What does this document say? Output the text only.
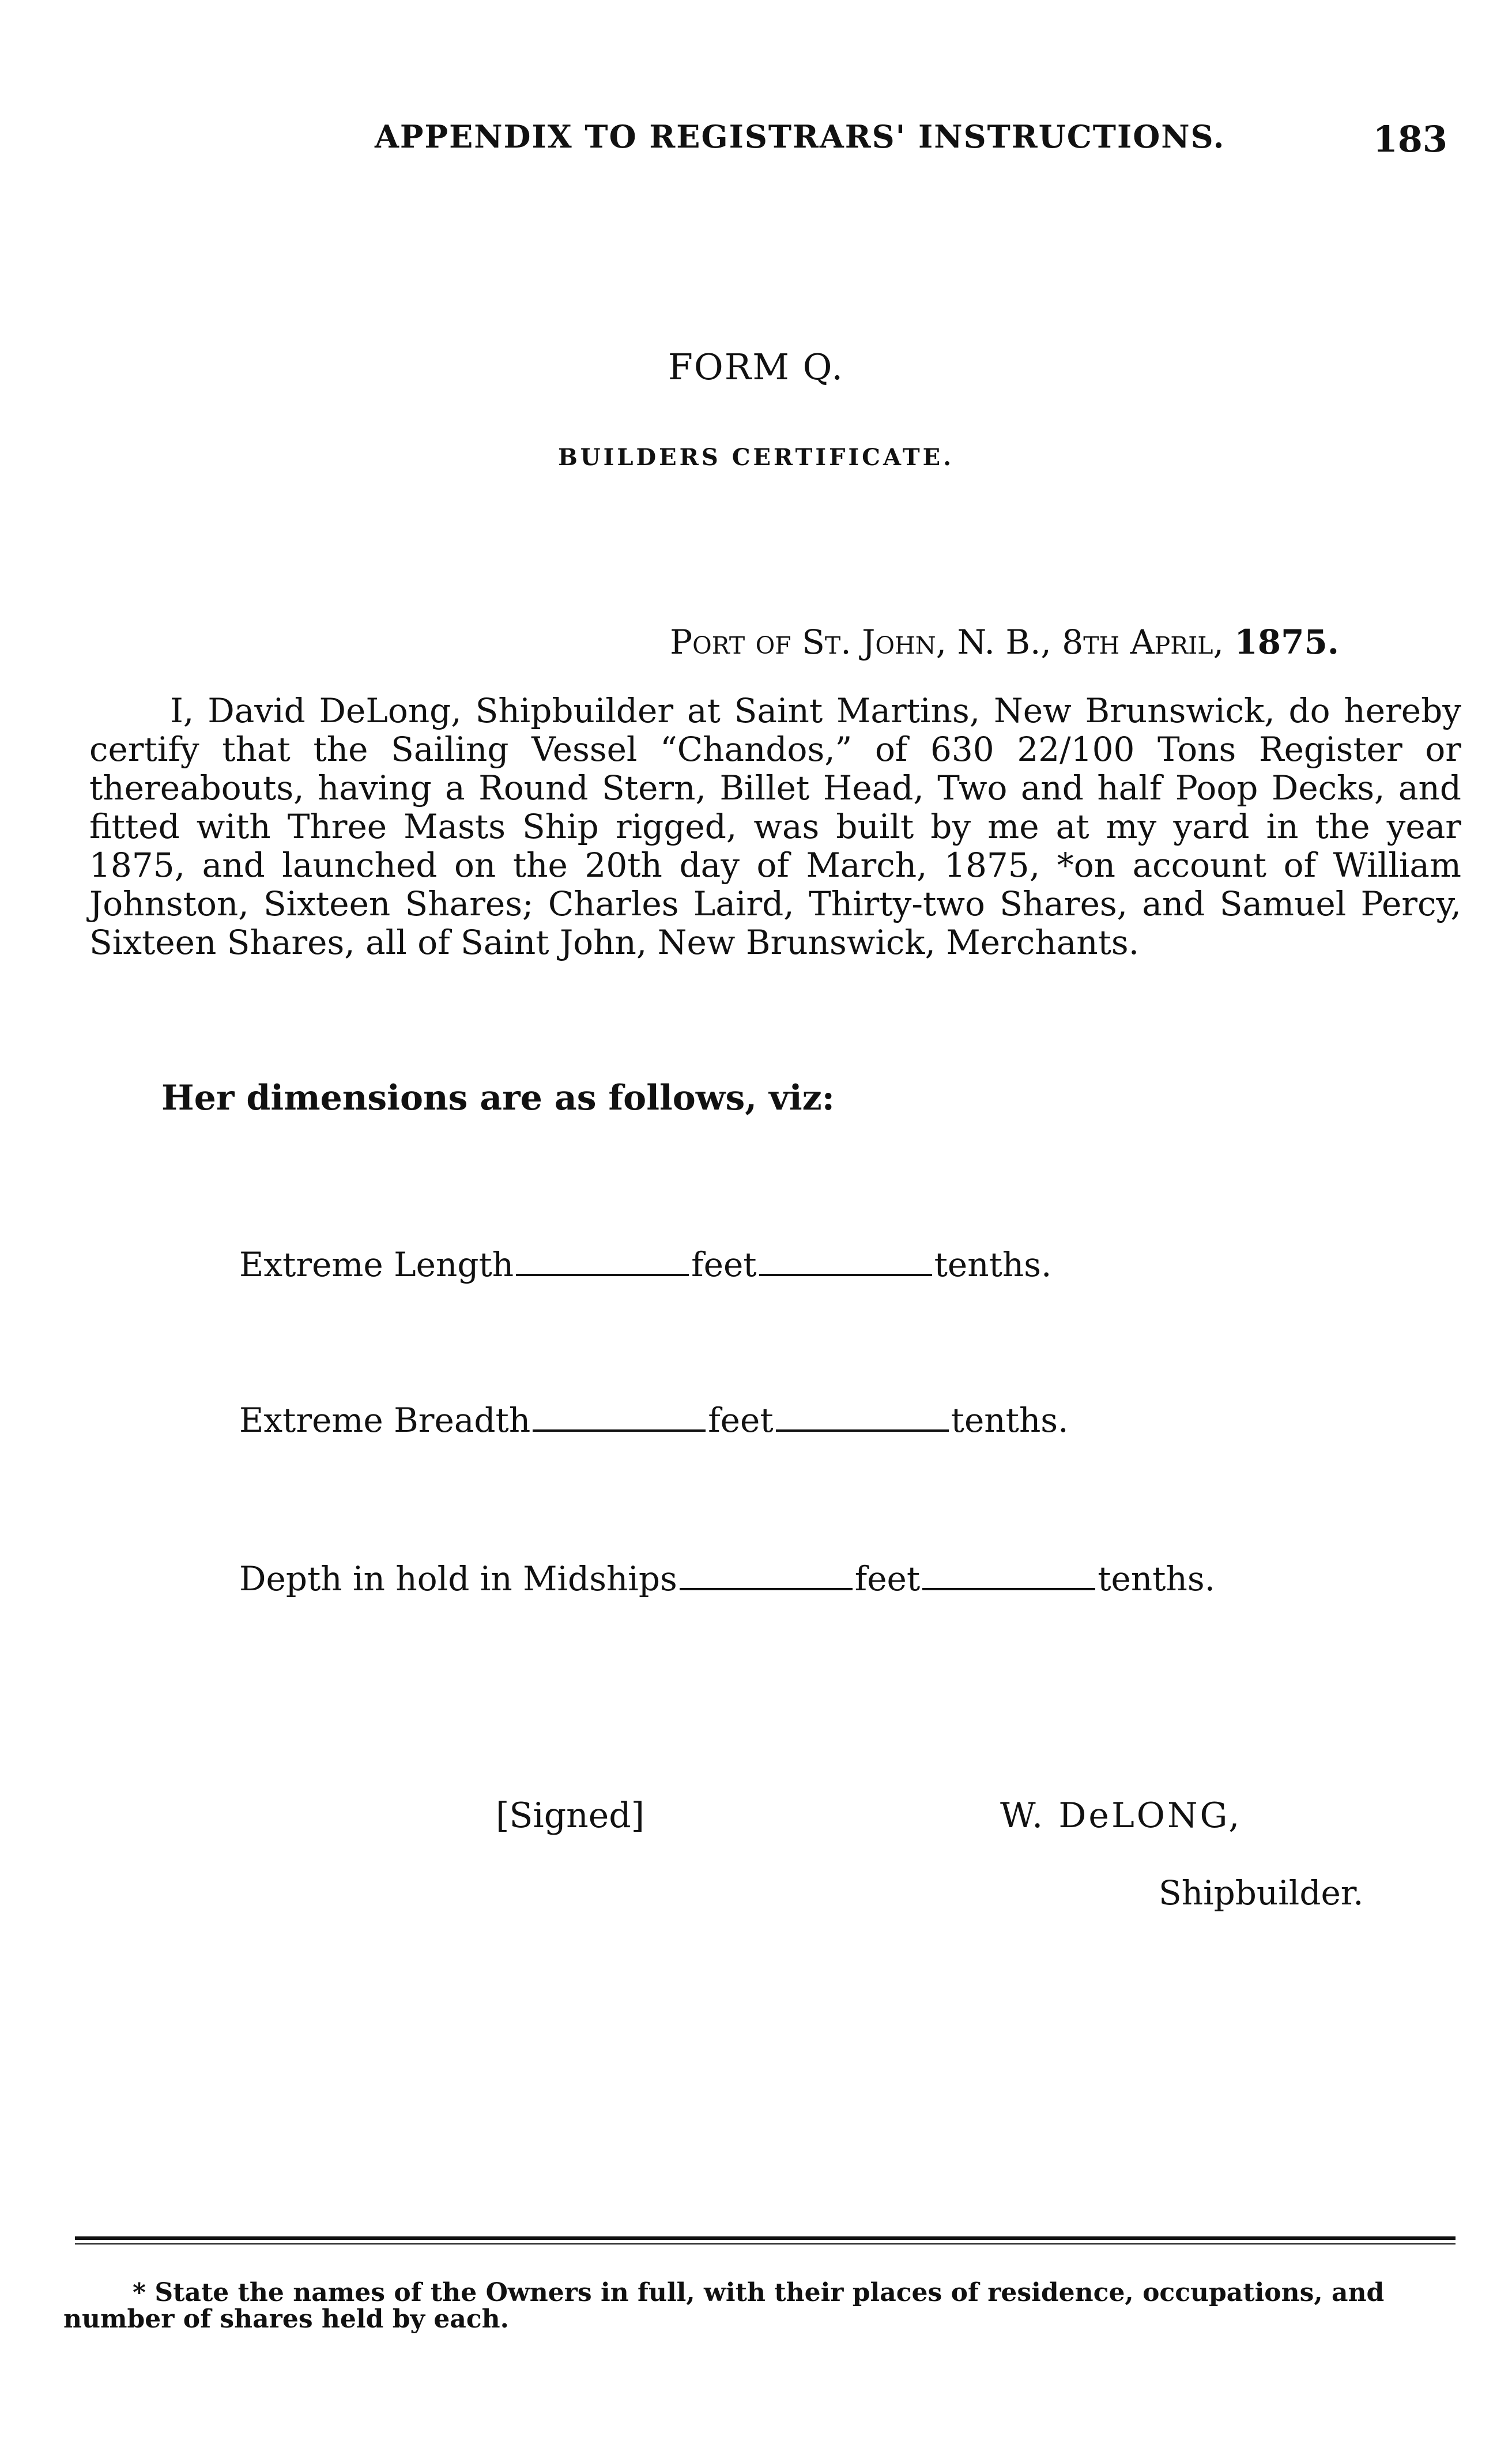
APPENDIX TO REGISTRARS' INSTRUCTIONS.	183
FORM Q.
BUILDERS CERTIFICATE.
Port of St. John, N. B., 8th April, 1875.
I, David DeLong, Shipbuilder at Saint Martins, New Brunswick, do hereby certify that the Sailing Vessel “Chandos,” of 630 22/100 Tons Register or thereabouts, having a Round Stern, Billet Head, Two and half Poop Decks, and fitted with Three Masts Ship rigged, was built by me at my yard in the year 1875, and launched on the 20th day of March, 1875, *on account of William Johnston, Sixteen Shares; Charles Laird, Thirty-two Shares, and Samuel Percy, Sixteen Shares, all of Saint John, New Brunswick, Merchants.
Her dimensions are as follows, viz:
Extreme Length	feet	tenths.
Extreme Breadth	feet	tenths.
Depth in hold in Midships	feet	tenths.
[Signed]	W. DeLONG,
Shipbuilder.
* State the names of the Owners in full, with their places of residence, occupations, and number of shares held by each.
